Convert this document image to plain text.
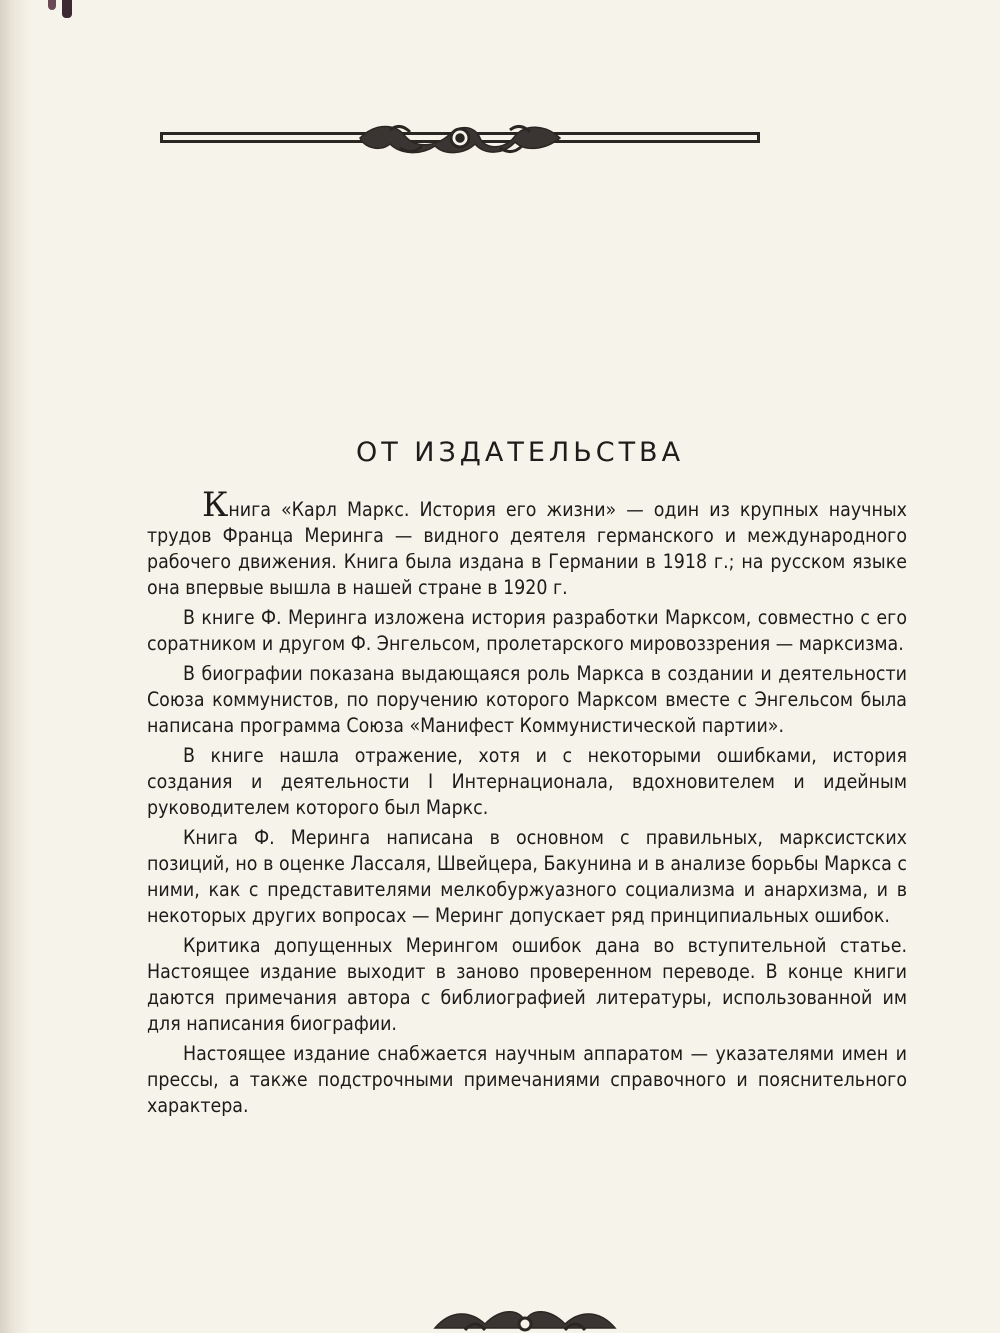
ОТ ИЗДАТЕЛЬСТВА

Книга «Карл Маркс. История его жизни» — один из крупных научных трудов Франца Меринга — видного деятеля германского и международного рабочего движения. Книга была издана в Германии в 1918 г.; на русском языке она впервые вышла в нашей стране в 1920 г.

В книге Ф. Меринга изложена история разработки Марксом, совместно с его соратником и другом Ф. Энгельсом, пролетарского мировоззрения — марксизма.

В биографии показана выдающаяся роль Маркса в создании и деятельности Союза коммунистов, по поручению которого Марксом вместе с Энгельсом была написана программа Союза «Манифест Коммунистической партии».

В книге нашла отражение, хотя и с некоторыми ошибками, история создания и деятельности I Интернационала, вдохновителем и идейным руководителем которого был Маркс.

Книга Ф. Меринга написана в основном с правильных, марксистских позиций, но в оценке Лассаля, Швейцера, Бакунина и в анализе борьбы Маркса с ними, как с представителями мелкобуржуазного социализма и анархизма, и в некоторых других вопросах — Меринг допускает ряд принципиальных ошибок.

Критика допущенных Мерингом ошибок дана во вступительной статье. Настоящее издание выходит в заново проверенном переводе. В конце книги даются примечания автора с библиографией литературы, использованной им для написания биографии.

Настоящее издание снабжается научным аппаратом — указателями имен и прессы, а также подстрочными примечаниями справочного и пояснительного характера.
